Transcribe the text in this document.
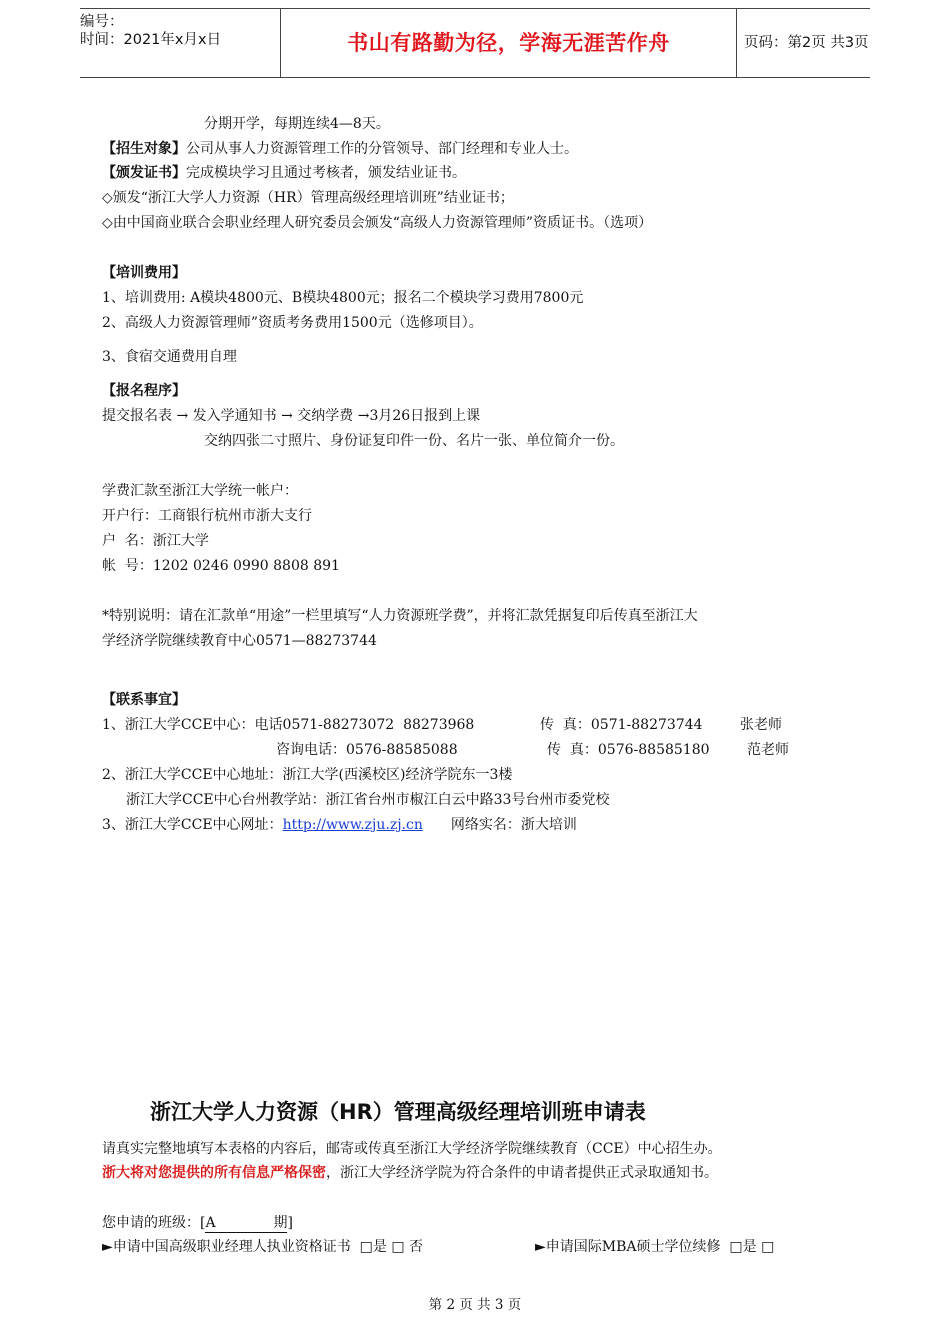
编号：
时间：2021年x月x日	书山有路勤为径，学海无涯苦作舟	页码：第2页 共3页
分期开学，每期连续4—8天。
【招生对象】公司从事人力资源管理工作的分管领导、部门经理和专业人士。
【颁发证书】完成模块学习且通过考核者，颁发结业证书。
◇颁发“浙江大学人力资源（HR）管理高级经理培训班”结业证书；
◇由中国商业联合会职业经理人研究委员会颁发“高级人力资源管理师”资质证书。（选项）
【培训费用】
1、培训费用: A模块4800元、B模块4800元；报名二个模块学习费用7800元
2、高级人力资源管理师”资质考务费用1500元（选修项目）。
3、食宿交通费用自理
【报名程序】
提交报名表 → 发入学通知书 → 交纳学费 →3月26日报到上课
交纳四张二寸照片、身份证复印件一份、名片一张、单位简介一份。
学费汇款至浙江大学统一帐户：
开户行：工商银行杭州市浙大支行
户  名：浙江大学
帐  号：1202 0246 0990 8808 891
*特别说明：请在汇款单“用途”一栏里填写“人力资源班学费”，并将汇款凭据复印后传真至浙江大
学经济学院继续教育中心0571—88273744
【联系事宜】
1、浙江大学CCE中心：电话0571-88273072  88273968	传  真：0571-88273744	张老师
咨询电话：0576-88585088	传  真：0576-88585180	范老师
2、浙江大学CCE中心地址：浙江大学(西溪校区)经济学院东一3楼
浙江大学CCE中心台州教学站：浙江省台州市椒江白云中路33号台州市委党校
3、浙江大学CCE中心网址：http://www.zju.zj.cn 网络实名：浙大培训
浙江大学人力资源（HR）管理高级经理培训班申请表
请真实完整地填写本表格的内容后，邮寄或传真至浙江大学经济学院继续教育（CCE）中心招生办。
浙大将对您提供的所有信息严格保密，浙江大学经济学院为符合条件的申请者提供正式录取通知书。
您申请的班级：[ A	期 ]
►申请中国高级职业经理人执业资格证书  □是 □ 否	►申请国际MBA硕士学位续修  □是 □
第 2 页 共 3 页
